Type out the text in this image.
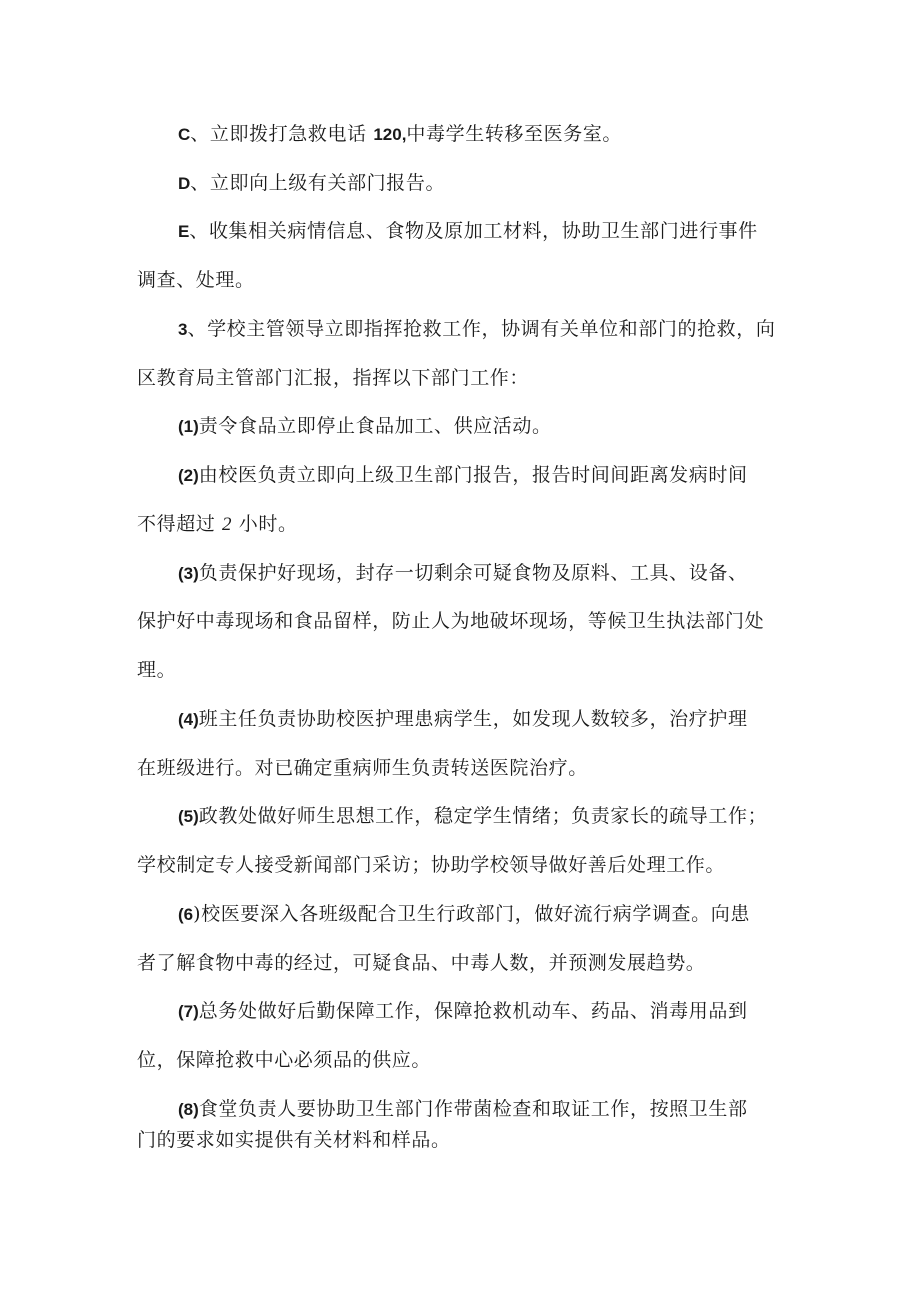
C、立即拨打急救电话 120,中毒学生转移至医务室。
D、立即向上级有关部门报告。
E、收集相关病情信息、食物及原加工材料，协助卫生部门进行事件
调查、处理。
3、学校主管领导立即指挥抢救工作，协调有关单位和部门的抢救，向
区教育局主管部门汇报，指挥以下部门工作：
(1)责令食品立即停止食品加工、供应活动。
(2)由校医负责立即向上级卫生部门报告，报告时间间距离发病时间
不得超过 2 小时。
(3)负责保护好现场，封存一切剩余可疑食物及原料、工具、设备、
保护好中毒现场和食品留样，防止人为地破坏现场，等候卫生执法部门处
理。
(4)班主任负责协助校医护理患病学生，如发现人数较多，治疗护理
在班级进行。对已确定重病师生负责转送医院治疗。
(5)政教处做好师生思想工作，稳定学生情绪；负责家长的疏导工作；
学校制定专人接受新闻部门采访；协助学校领导做好善后处理工作。
(6)校医要深入各班级配合卫生行政部门，做好流行病学调查。向患
者了解食物中毒的经过，可疑食品、中毒人数，并预测发展趋势。
(7)总务处做好后勤保障工作，保障抢救机动车、药品、消毒用品到
位，保障抢救中心必须品的供应。
(8)食堂负责人要协助卫生部门作带菌检查和取证工作，按照卫生部
门的要求如实提供有关材料和样品。
